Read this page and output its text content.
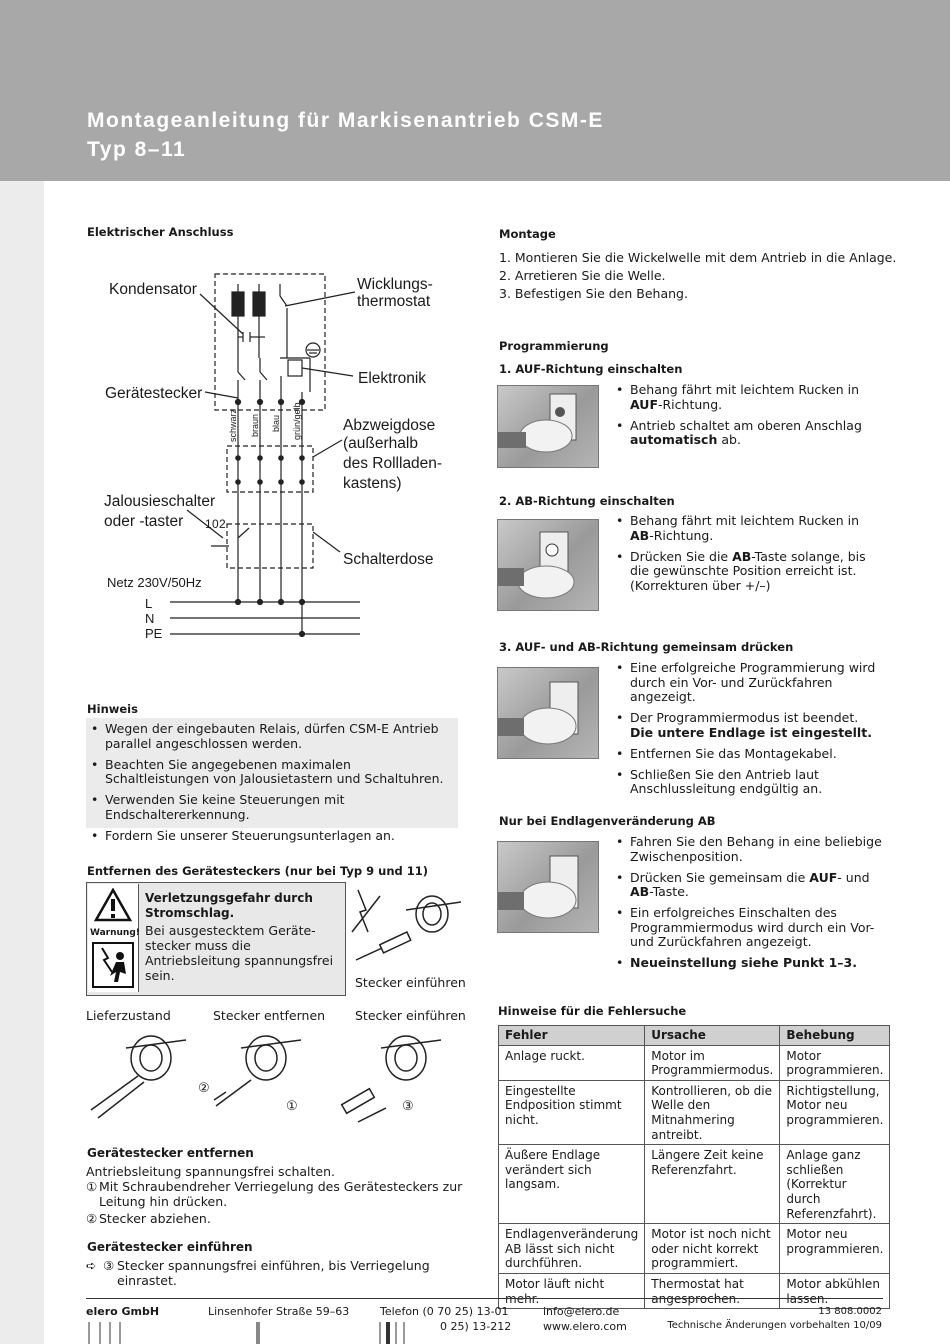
Montageanleitung für Markisenantrieb CSM-E
Typ 8–11
Elektrischer Anschluss
Kondensator	Wicklungs-
thermostat
Elektronik
Gerätestecker
Abzweigdose
(außerhalb
des Rollladen-
kastens)
Jalousieschalter
oder -taster
Schalterdose
Netz 230V/50Hz
L
N
PE
1 0 2
schwarz braun blau grün/gelb
Hinweis
• Wegen der eingebauten Relais, dürfen CSM-E Antrieb parallel angeschlossen werden.
• Beachten Sie angegebenen maximalen Schaltleistungen von Jalousietastern und Schaltuhren.
• Verwenden Sie keine Steuerungen mit Endschaltererkennung.
• Fordern Sie unserer Steuerungsunterlagen an.
Entfernen des Gerätesteckers (nur bei Typ 9 und 11)
Warnung!
Verletzungsgefahr durch Stromschlag.
Bei ausgestecktem Geräte-stecker muss die Antriebsleitung spannungsfrei sein.	Stecker einführen
Lieferzustand	Stecker entfernen Stecker einführen
②
①	③
Gerätestecker entfernen
Antriebsleitung spannungsfrei schalten.
① Mit Schraubendreher Verriegelung des Gerätesteckers zur Leitung hin drücken.
② Stecker abziehen.
Gerätestecker einführen
➪ ③ Stecker spannungsfrei einführen, bis Verriegelung einrastet.
Montage
1. Montieren Sie die Wickelwelle mit dem Antrieb in die Anlage.
2. Arretieren Sie die Welle.
3. Befestigen Sie den Behang.
Programmierung
1. AUF-Richtung einschalten
• Behang fährt mit leichtem Rucken in
AUF-Richtung.
• Antrieb schaltet am oberen Anschlag
automatisch ab.
2. AB-Richtung einschalten
• Behang fährt mit leichtem Rucken in
AB-Richtung.
• Drücken Sie die AB-Taste solange, bis die gewünschte Position erreicht ist. (Korrekturen über +/–)
3. AUF- und AB-Richtung gemeinsam drücken
• Eine erfolgreiche Programmierung wird durch ein Vor- und Zurückfahren angezeigt.
• Der Programmiermodus ist beendet.
Die untere Endlage ist eingestellt.
• Entfernen Sie das Montagekabel.
• Schließen Sie den Antrieb laut Anschlussleitung endgültig an.
Nur bei Endlagenveränderung AB
• Fahren Sie den Behang in eine beliebige Zwischenposition.
• Drücken Sie gemeinsam die AUF- und
AB-Taste.
• Ein erfolgreiches Einschalten des Programmiermodus wird durch ein Vor- und Zurückfahren angezeigt.
• Neueinstellung siehe Punkt 1–3.
Hinweise für die Fehlersuche
Fehler	Ursache	Behebung
Anlage ruckt.	Motor im Programmiermodus.	Motor programmieren.
Eingestellte Endposition stimmt nicht.	Kontrollieren, ob die Welle den Mitnahmering antreibt.	Richtigstellung, Motor neu programmieren.
Äußere Endlage verändert sich langsam.	Längere Zeit keine Referenzfahrt.	Anlage ganz schließen (Korrektur durch Referenzfahrt).
Endlagenveränderung AB lässt sich nicht durchführen.	Motor ist noch nicht oder nicht korrekt programmiert.	Motor neu programmieren.
Motor läuft nicht mehr.	Thermostat hat angesprochen.	Motor abkühlen lassen.
elero GmbH	Linsenhofer Straße 59–63	Telefon (0 70 25) 13-01
0 25) 13-212
info@elero.de
www.elero.com
13 808.0002
Technische Änderungen vorbehalten 10/09
